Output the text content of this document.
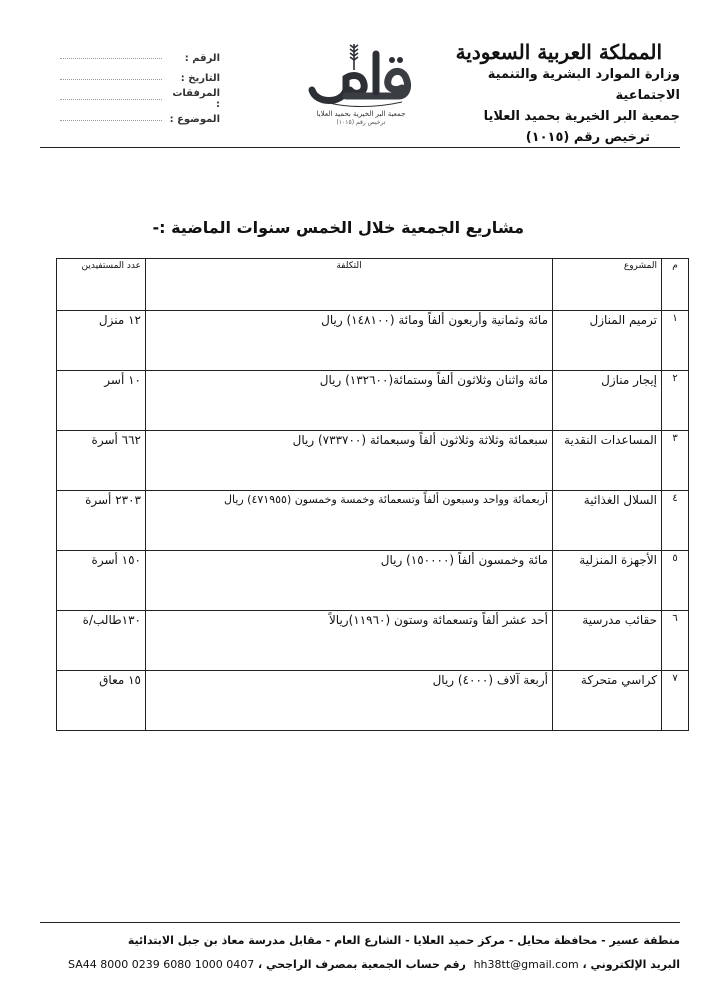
المملكة العربية السعودية
وزارة الموارد البشرية والتنمية الاجتماعية
جمعية البر الخيرية بحميد العلايا
ترخيص رقم (١٠١٥)
جمعية البر الخيرية بحميد العلايا
ترخيص رقم (١٠١٥)
الرقم :
التاريخ :
المرفقات :
الموضوع :
مشاريع الجمعية خلال الخمس سنوات الماضية :-
م	المشروع	التكلفة	عدد المستفيدين
١	ترميم المنازل	مائة وثمانية وأربعون ألفاً ومائة (١٤٨١٠٠) ريال	١٢ منزل
٢	إيجار منازل	مائة واثنان وثلاثون ألفاً وستمائة(١٣٢٦٠٠) ريال	١٠ أسر
٣	المساعدات النقدية	سبعمائة وثلاثة وثلاثون ألفاً وسبعمائة (٧٣٣٧٠٠) ريال	٦٦٢ أسرة
٤	السلال الغذائية	أربعمائة وواحد وسبعون ألفاً وتسعمائة وخمسة وخمسون (٤٧١٩٥٥) ريال	٢٣٠٣ أسرة
٥	الأجهزة المنزلية	مائة وخمسون ألفاً (١٥٠٠٠٠) ريال	١٥٠ أسرة
٦	حقائب مدرسية	أحد عشر ألفاً وتسعمائة وستون (١١٩٦٠)ريالاً	١٣٠طالب/ة
٧	كراسي متحركة	أربعة آلاف (٤٠٠٠) ريال	١٥ معاق
منطقة عسير - محافظة محايل - مركز حميد العلايا - الشارع العام - مقابل مدرسة معاذ بن جبل الابتدائية
البريد الإلكتروني ، hh38tt@gmail.com  رقم حساب الجمعية بمصرف الراجحي ، SA44 8000 0239 6080 1000 0407
